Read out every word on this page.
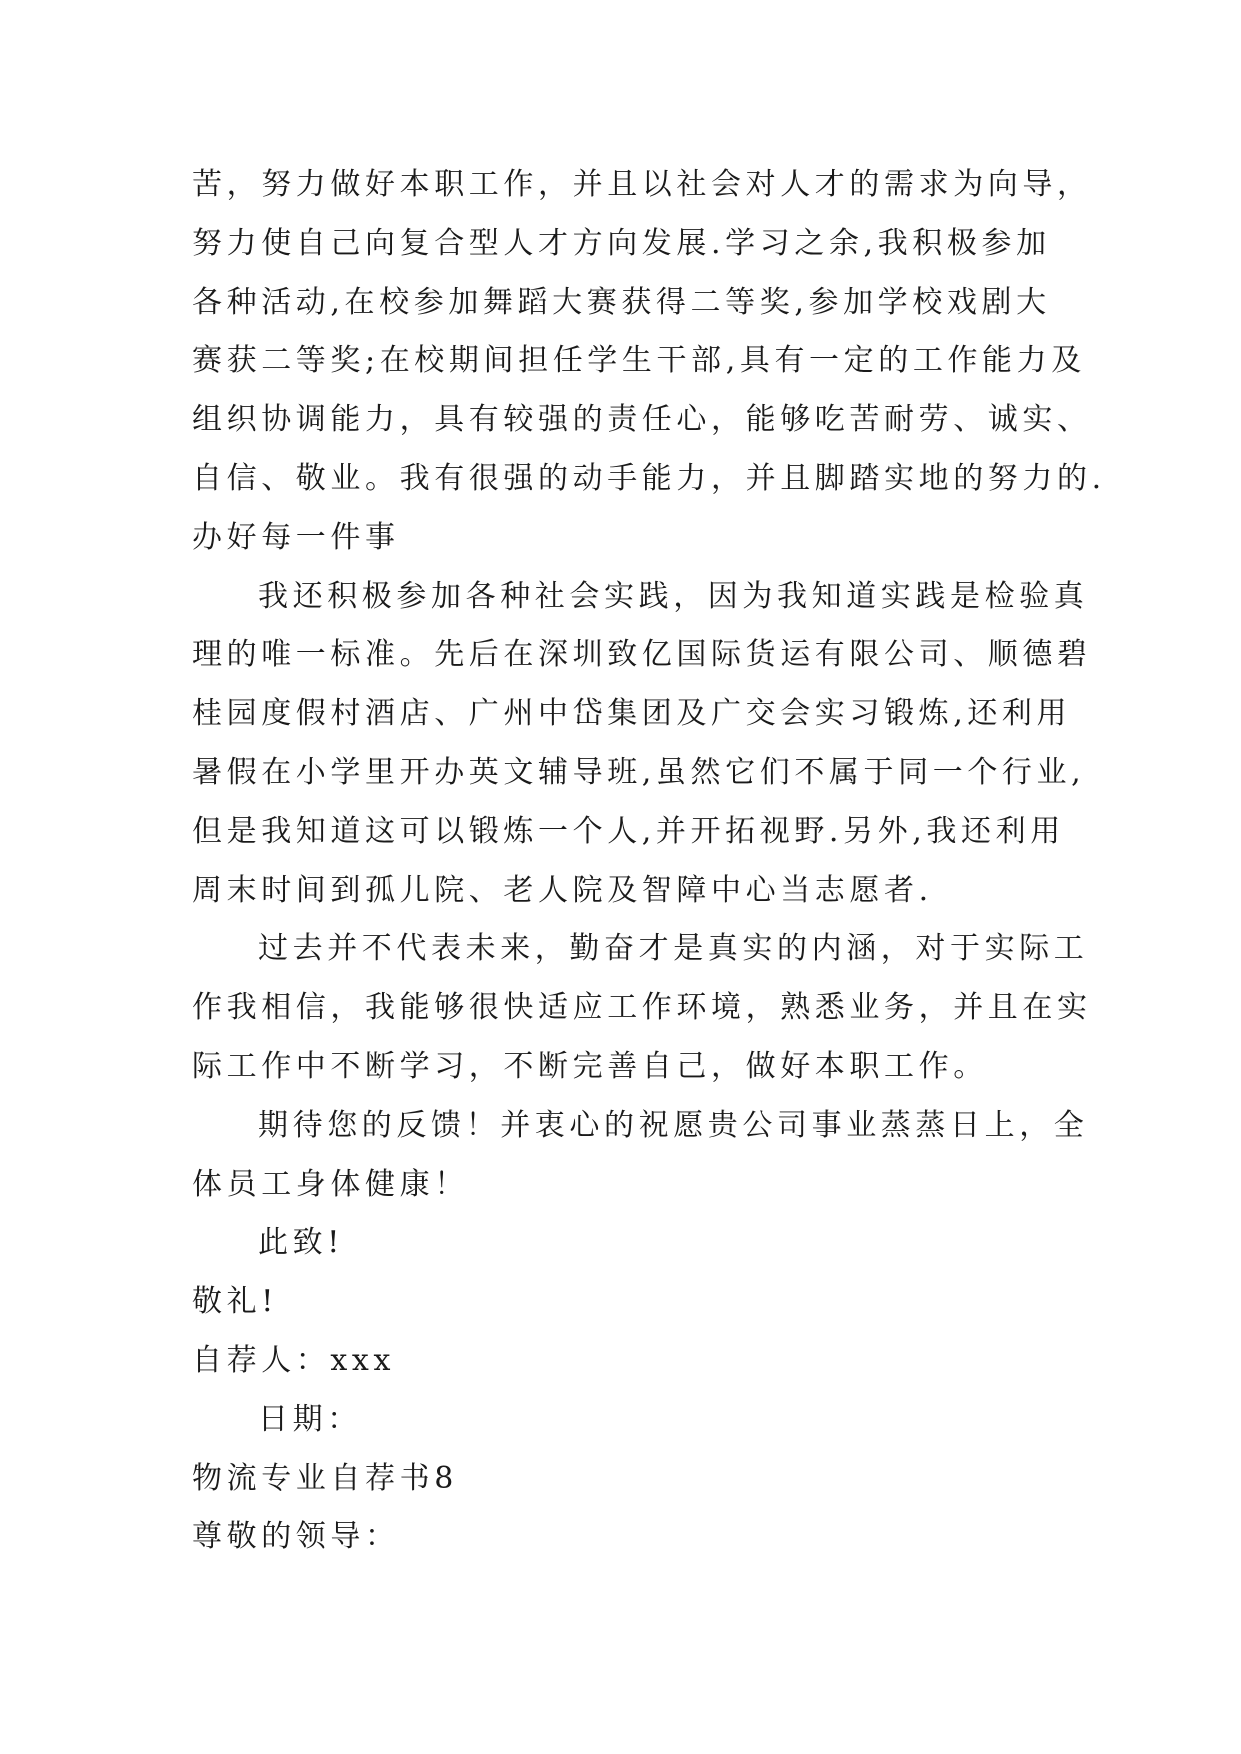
苦，努力做好本职工作，并且以社会对人才的需求为向导，
努力使自己向复合型人才方向发展.学习之余,我积极参加
各种活动,在校参加舞蹈大赛获得二等奖,参加学校戏剧大
赛获二等奖;在校期间担任学生干部,具有一定的工作能力及
组织协调能力，具有较强的责任心，能够吃苦耐劳、诚实、
自信、敬业。我有很强的动手能力，并且脚踏实地的努力的.
办好每一件事
我还积极参加各种社会实践，因为我知道实践是检验真
理的唯一标准。先后在深圳致亿国际货运有限公司、顺德碧
桂园度假村酒店、广州中岱集团及广交会实习锻炼,还利用
暑假在小学里开办英文辅导班,虽然它们不属于同一个行业,
但是我知道这可以锻炼一个人,并开拓视野.另外,我还利用
周末时间到孤儿院、老人院及智障中心当志愿者.
过去并不代表未来，勤奋才是真实的内涵，对于实际工
作我相信，我能够很快适应工作环境，熟悉业务，并且在实
际工作中不断学习，不断完善自己，做好本职工作。
期待您的反馈！并衷心的祝愿贵公司事业蒸蒸日上，全
体员工身体健康！
此致!
敬礼!
自荐人：xxx
日期：
物流专业自荐书8
尊敬的领导：
